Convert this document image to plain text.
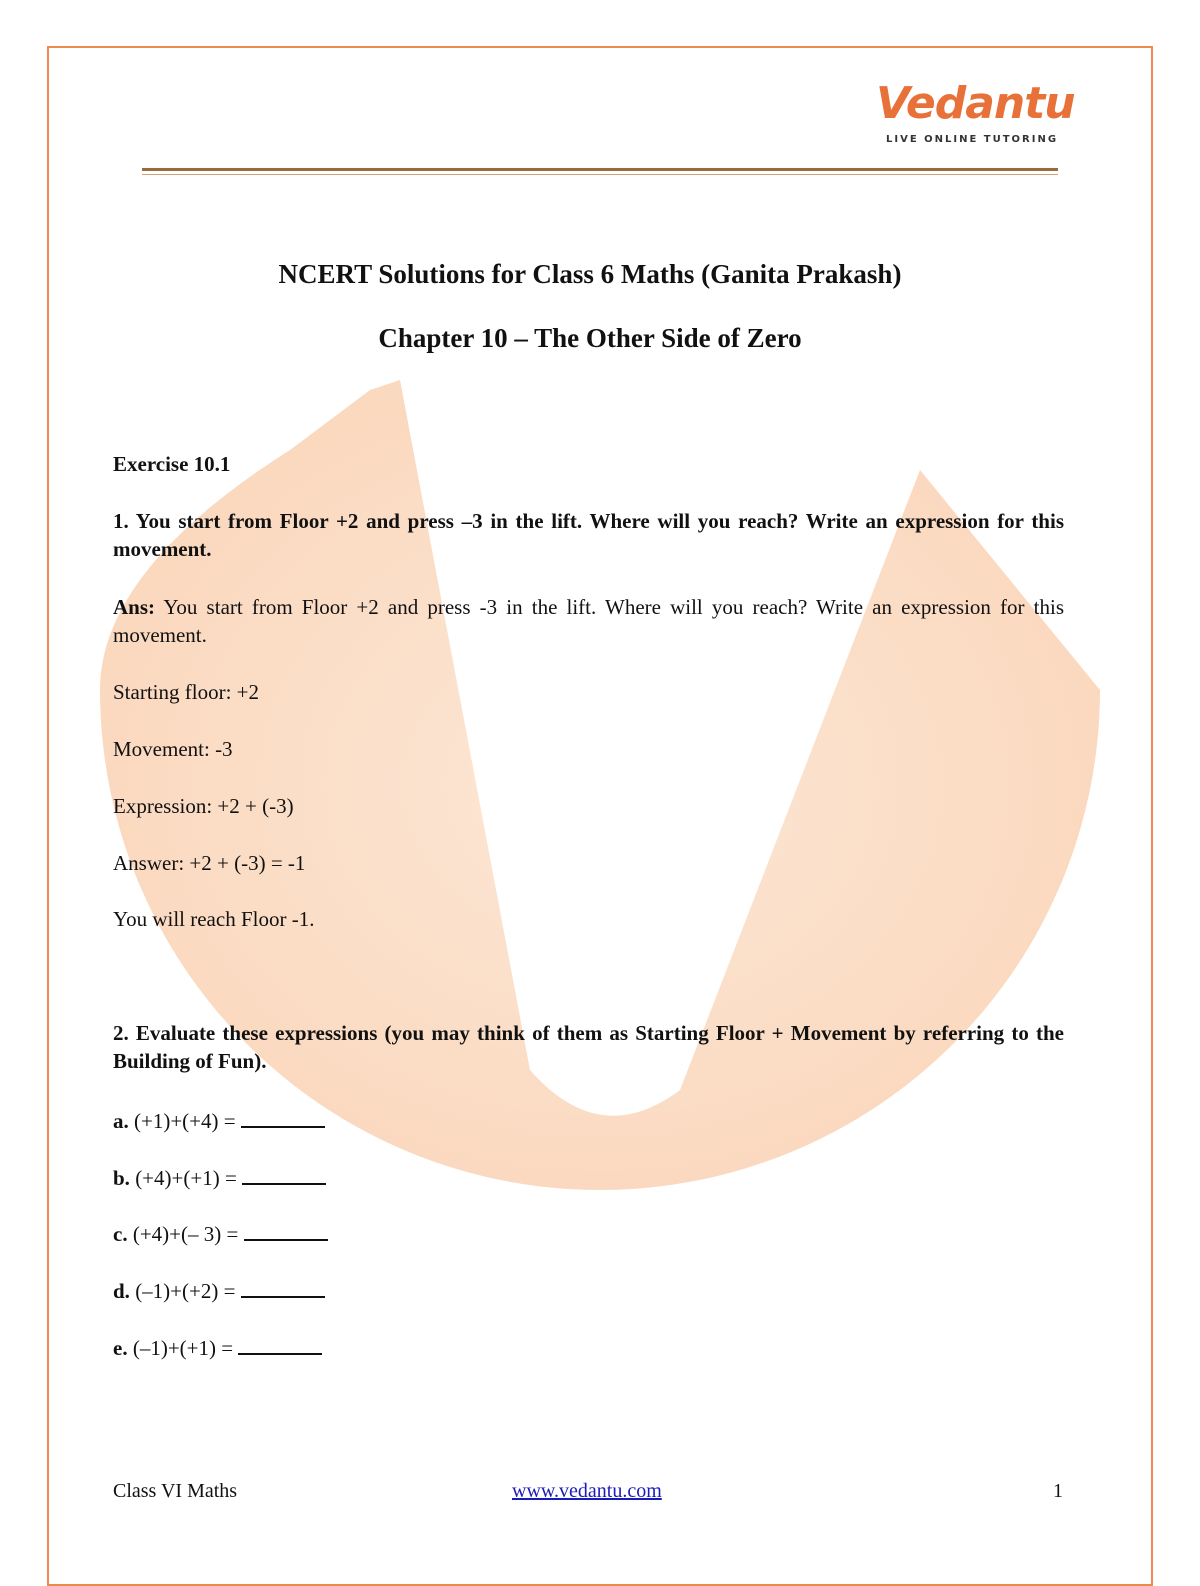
Vedantu
LIVE ONLINE TUTORING
NCERT Solutions for Class 6 Maths (Ganita Prakash)
Chapter 10 – The Other Side of Zero
Exercise 10.1
1. You start from Floor +2 and press –3 in the lift. Where will you reach? Write an expression for this movement.
Ans: You start from Floor +2 and press -3 in the lift. Where will you reach? Write an expression for this movement.
Starting floor: +2
Movement: -3
Expression: +2 + (-3)
Answer: +2 + (-3) = -1
You will reach Floor -1.
2. Evaluate these expressions (you may think of them as Starting Floor + Movement by referring to the Building of Fun).
a. (+1)+(+4) =
b. (+4)+(+1) =
c. (+4)+(– 3) =
d. (–1)+(+2) =
e. (–1)+(+1) =
Class VI Maths	www.vedantu.com	1
